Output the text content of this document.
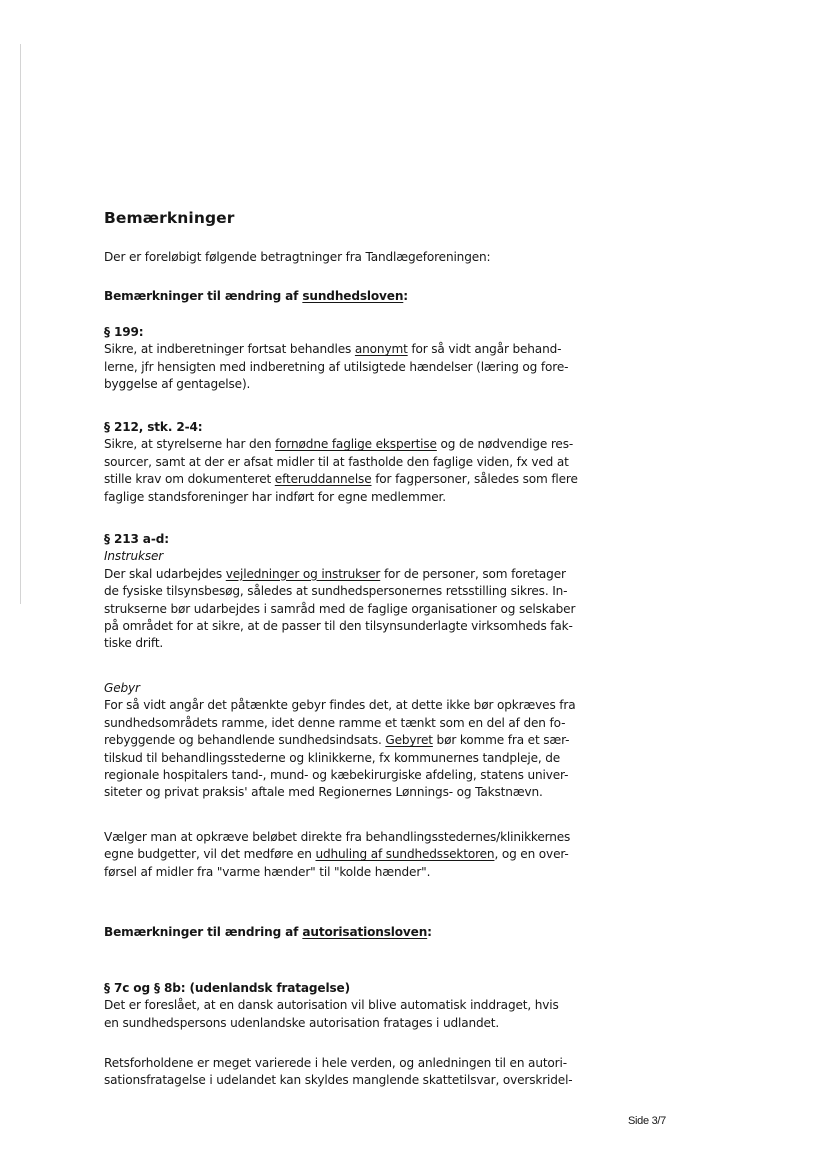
Bemærkninger

Der er foreløbigt følgende betragtninger fra Tandlægeforeningen:

Bemærkninger til ændring af sundhedsloven:

§ 199:
Sikre, at indberetninger fortsat behandles anonymt for så vidt angår behand-
lerne, jfr hensigten med indberetning af utilsigtede hændelser (læring og fore-
byggelse af gentagelse).
§ 212, stk. 2-4:
Sikre, at styrelserne har den fornødne faglige ekspertise og de nødvendige res-
sourcer, samt at der er afsat midler til at fastholde den faglige viden, fx ved at
stille krav om dokumenteret efteruddannelse for fagpersoner, således som flere
faglige standsforeninger har indført for egne medlemmer.
§ 213 a-d:
Instrukser
Der skal udarbejdes vejledninger og instrukser for de personer, som foretager
de fysiske tilsynsbesøg, således at sundhedspersonernes retsstilling sikres. In-
strukserne bør udarbejdes i samråd med de faglige organisationer og selskaber
på området for at sikre, at de passer til den tilsynsunderlagte virksomheds fak-
tiske drift.
Gebyr
For så vidt angår det påtænkte gebyr findes det, at dette ikke bør opkræves fra
sundhedsområdets ramme, idet denne ramme et tænkt som en del af den fo-
rebyggende og behandlende sundhedsindsats. Gebyret bør komme fra et sær-
tilskud til behandlingsstederne og klinikkerne, fx kommunernes tandpleje, de
regionale hospitalers tand-, mund- og kæbekirurgiske afdeling, statens univer-
siteter og privat praksis' aftale med Regionernes Lønnings- og Takstnævn.
Vælger man at opkræve beløbet direkte fra behandlingsstedernes/klinikkernes
egne budgetter, vil det medføre en udhuling af sundhedssektoren, og en over-
førsel af midler fra "varme hænder" til "kolde hænder".

Bemærkninger til ændring af autorisationsloven:

§ 7c og § 8b: (udenlandsk fratagelse)
Det er foreslået, at en dansk autorisation vil blive automatisk inddraget, hvis
en sundhedspersons udenlandske autorisation fratages i udlandet.
Retsforholdene er meget varierede i hele verden, og anledningen til en autori-
sationsfratagelse i udelandet kan skyldes manglende skattetilsvar, overskridel-
Side 3/7
